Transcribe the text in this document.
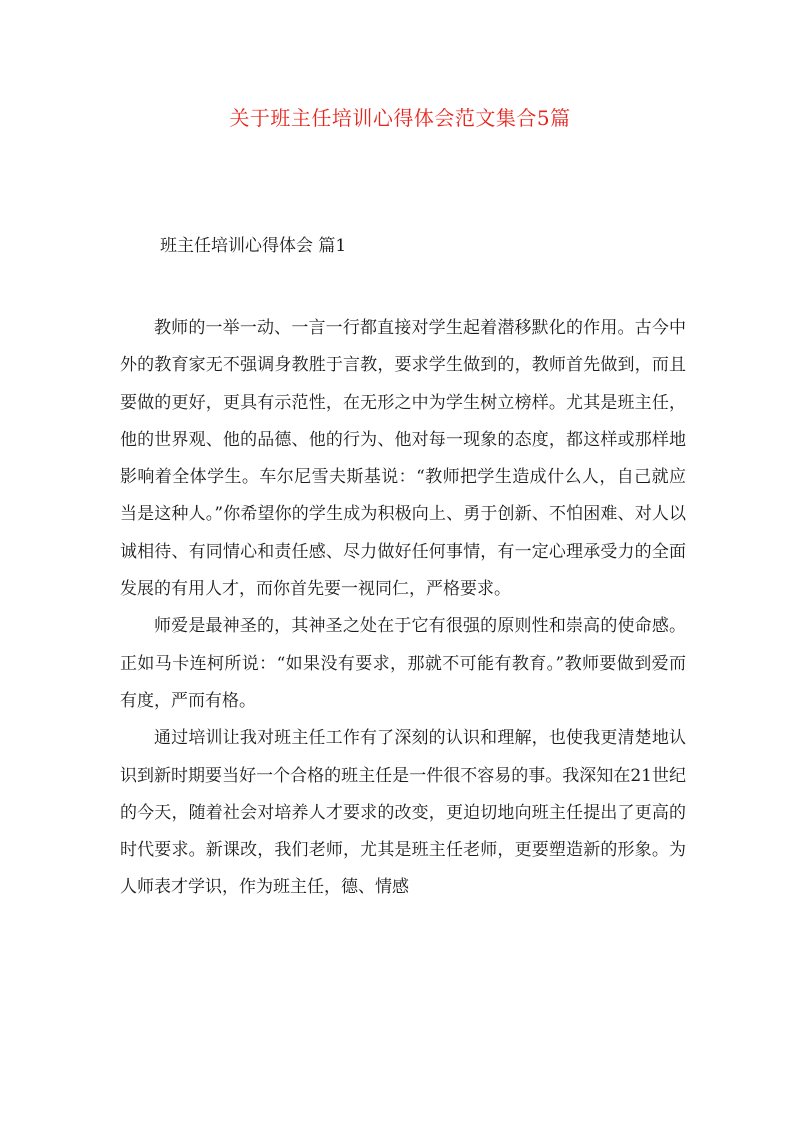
关于班主任培训心得体会范文集合5篇
班主任培训心得体会 篇1

教师的一举一动、一言一行都直接对学生起着潜移默化的作用。古今中外的教育家无不强调身教胜于言教，要求学生做到的，教师首先做到，而且要做的更好，更具有示范性，在无形之中为学生树立榜样。尤其是班主任，他的世界观、他的品德、他的行为、他对每一现象的态度，都这样或那样地影响着全体学生。车尔尼雪夫斯基说：“教师把学生造成什么人，自己就应当是这种人。”你希望你的学生成为积极向上、勇于创新、不怕困难、对人以诚相待、有同情心和责任感、尽力做好任何事情，有一定心理承受力的全面发展的有用人才，而你首先要一视同仁，严格要求。

师爱是最神圣的，其神圣之处在于它有很强的原则性和崇高的使命感。正如马卡连柯所说：“如果没有要求，那就不可能有教育。”教师要做到爱而有度，严而有格。

通过培训让我对班主任工作有了深刻的认识和理解，也使我更清楚地认识到新时期要当好一个合格的班主任是一件很不容易的事。我深知在21世纪的今天，随着社会对培养人才要求的改变，更迫切地向班主任提出了更高的时代要求。新课改，我们老师，尤其是班主任老师，更要塑造新的形象。为人师表才学识，作为班主任，德、情感
